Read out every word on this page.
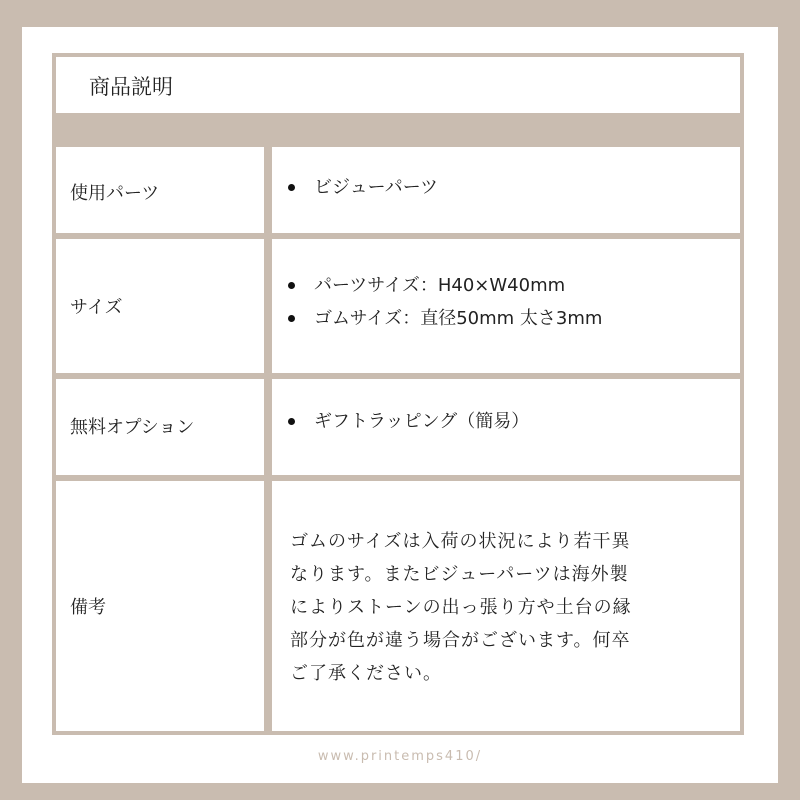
商品説明
使用パーツ	ビジューパーツ
サイズ
パーツサイズ：H40×W40mm
ゴムサイズ：直径50mm 太さ3mm
無料オプション	ギフトラッピング（簡易）
備考
ゴムのサイズは入荷の状況により若干異
なります。またビジューパーツは海外製
によりストーンの出っ張り方や土台の縁
部分が色が違う場合がございます。何卒
ご了承ください。
www.printemps410/
